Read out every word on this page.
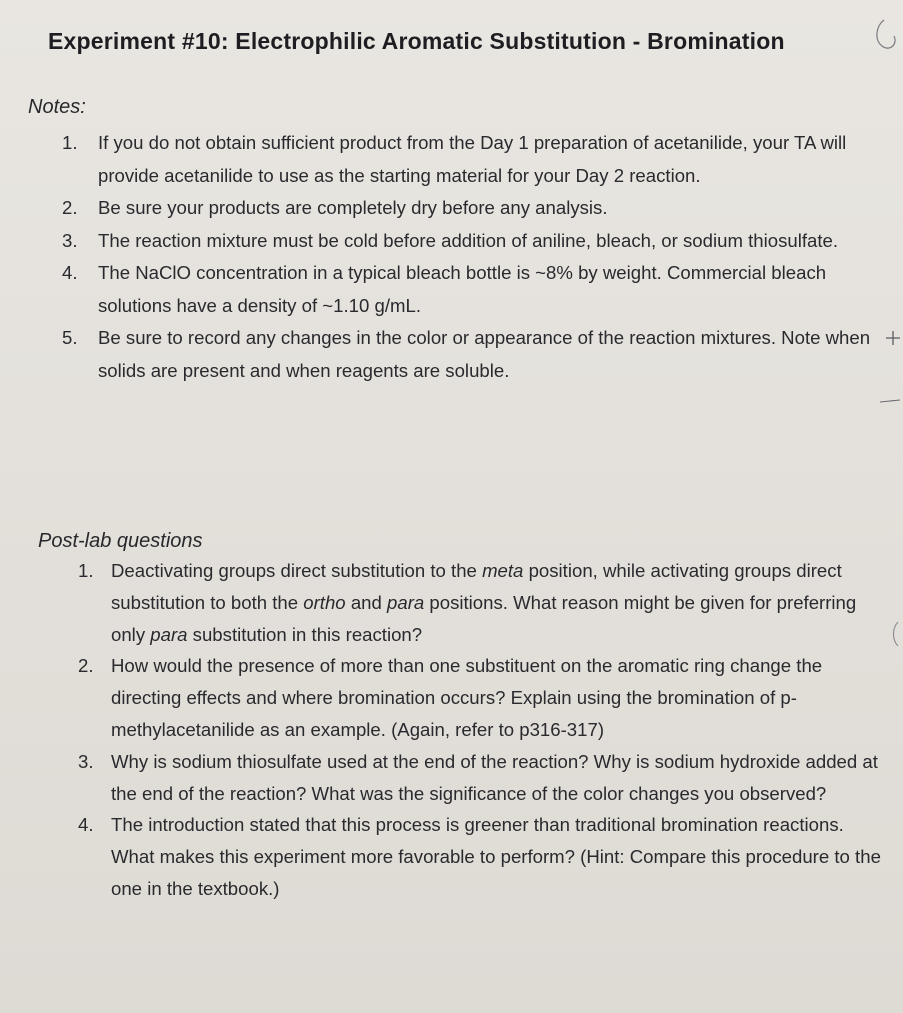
Experiment #10: Electrophilic Aromatic Substitution - Bromination
Notes:
1. If you do not obtain sufficient product from the Day 1 preparation of acetanilide, your TA will provide acetanilide to use as the starting material for your Day 2 reaction.
2. Be sure your products are completely dry before any analysis.
3. The reaction mixture must be cold before addition of aniline, bleach, or sodium thiosulfate.
4. The NaClO concentration in a typical bleach bottle is ~8% by weight. Commercial bleach solutions have a density of ~1.10 g/mL.
5. Be sure to record any changes in the color or appearance of the reaction mixtures. Note when solids are present and when reagents are soluble.
Post-lab questions
1. Deactivating groups direct substitution to the meta position, while activating groups direct substitution to both the ortho and para positions. What reason might be given for preferring only para substitution in this reaction?
2. How would the presence of more than one substituent on the aromatic ring change the directing effects and where bromination occurs? Explain using the bromination of p-methylacetanilide as an example. (Again, refer to p316-317)
3. Why is sodium thiosulfate used at the end of the reaction? Why is sodium hydroxide added at the end of the reaction? What was the significance of the color changes you observed?
4. The introduction stated that this process is greener than traditional bromination reactions. What makes this experiment more favorable to perform? (Hint: Compare this procedure to the one in the textbook.)
